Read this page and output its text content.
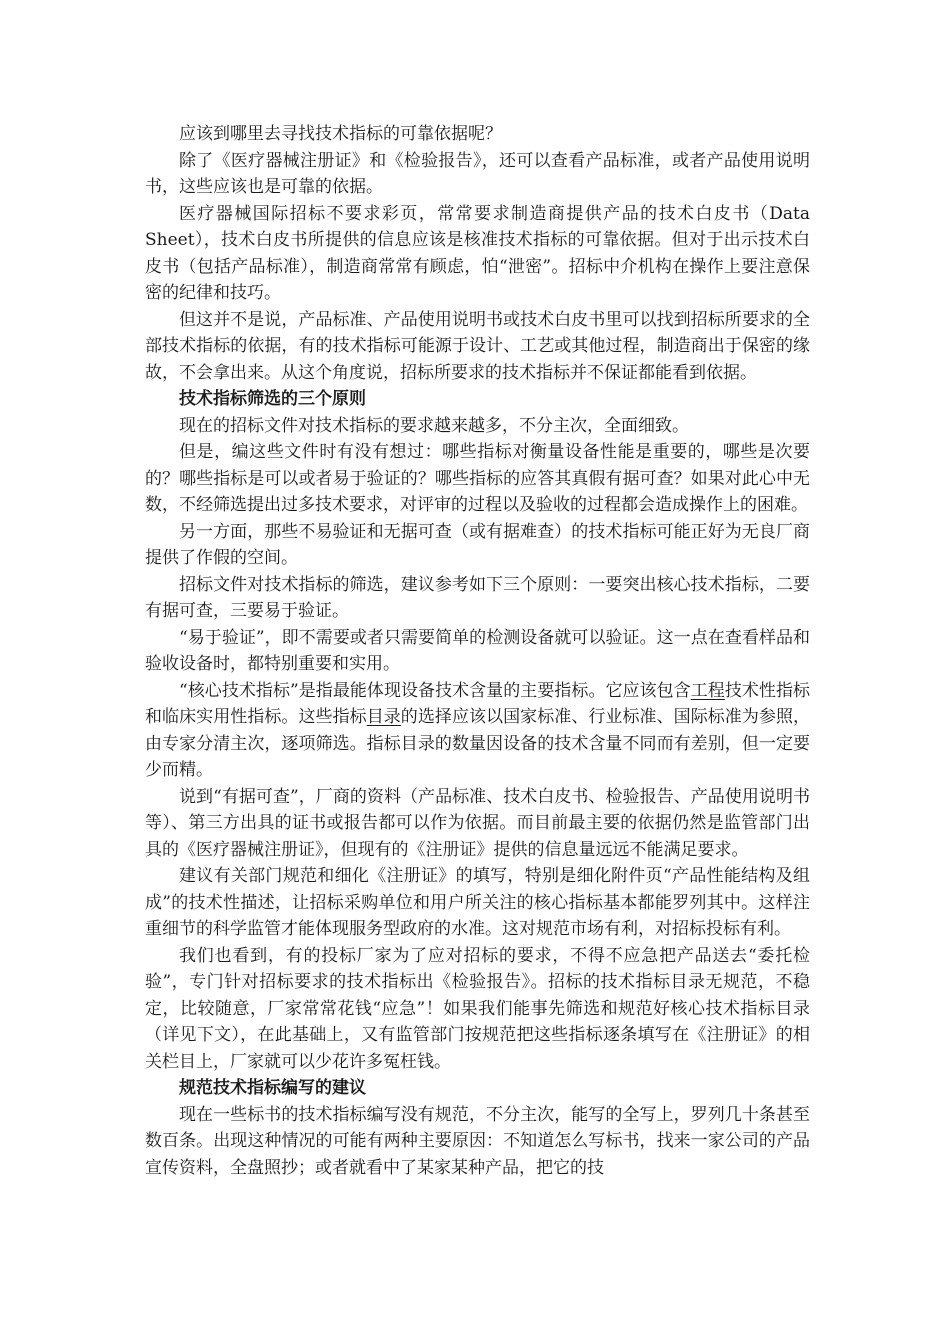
应该到哪里去寻找技术指标的可靠依据呢？

除了《医疗器械注册证》和《检验报告》，还可以查看产品标准，或者产品使用说明书，这些应该也是可靠的依据。

医疗器械国际招标不要求彩页，常常要求制造商提供产品的技术白皮书（Data Sheet），技术白皮书所提供的信息应该是核准技术指标的可靠依据。但对于出示技术白皮书（包括产品标准），制造商常常有顾虑，怕“泄密”。招标中介机构在操作上要注意保密的纪律和技巧。

但这并不是说，产品标准、产品使用说明书或技术白皮书里可以找到招标所要求的全部技术指标的依据，有的技术指标可能源于设计、工艺或其他过程，制造商出于保密的缘故，不会拿出来。从这个角度说，招标所要求的技术指标并不保证都能看到依据。

技术指标筛选的三个原则

现在的招标文件对技术指标的要求越来越多，不分主次，全面细致。

但是，编这些文件时有没有想过：哪些指标对衡量设备性能是重要的，哪些是次要的？哪些指标是可以或者易于验证的？哪些指标的应答其真假有据可查？如果对此心中无数，不经筛选提出过多技术要求，对评审的过程以及验收的过程都会造成操作上的困难。

另一方面，那些不易验证和无据可查（或有据难查）的技术指标可能正好为无良厂商提供了作假的空间。

招标文件对技术指标的筛选，建议参考如下三个原则：一要突出核心技术指标，二要有据可查，三要易于验证。

“易于验证”，即不需要或者只需要简单的检测设备就可以验证。这一点在查看样品和验收设备时，都特别重要和实用。

“核心技术指标”是指最能体现设备技术含量的主要指标。它应该包含工程技术性指标和临床实用性指标。这些指标目录的选择应该以国家标准、行业标准、国际标准为参照，由专家分清主次，逐项筛选。指标目录的数量因设备的技术含量不同而有差别，但一定要少而精。

说到“有据可查”，厂商的资料（产品标准、技术白皮书、检验报告、产品使用说明书等）、第三方出具的证书或报告都可以作为依据。而目前最主要的依据仍然是监管部门出具的《医疗器械注册证》，但现有的《注册证》提供的信息量远远不能满足要求。

建议有关部门规范和细化《注册证》的填写，特别是细化附件页“产品性能结构及组成”的技术性描述，让招标采购单位和用户所关注的核心指标基本都能罗列其中。这样注重细节的科学监管才能体现服务型政府的水准。这对规范市场有利，对招标投标有利。

我们也看到，有的投标厂家为了应对招标的要求，不得不应急把产品送去“委托检验”，专门针对招标要求的技术指标出《检验报告》。招标的技术指标目录无规范，不稳定，比较随意，厂家常常花钱“应急”！如果我们能事先筛选和规范好核心技术指标目录（详见下文），在此基础上，又有监管部门按规范把这些指标逐条填写在《注册证》的相关栏目上，厂家就可以少花许多冤枉钱。

规范技术指标编写的建议

现在一些标书的技术指标编写没有规范，不分主次，能写的全写上，罗列几十条甚至数百条。出现这种情况的可能有两种主要原因：不知道怎么写标书，找来一家公司的产品宣传资料，全盘照抄；或者就看中了某家某种产品，把它的技
